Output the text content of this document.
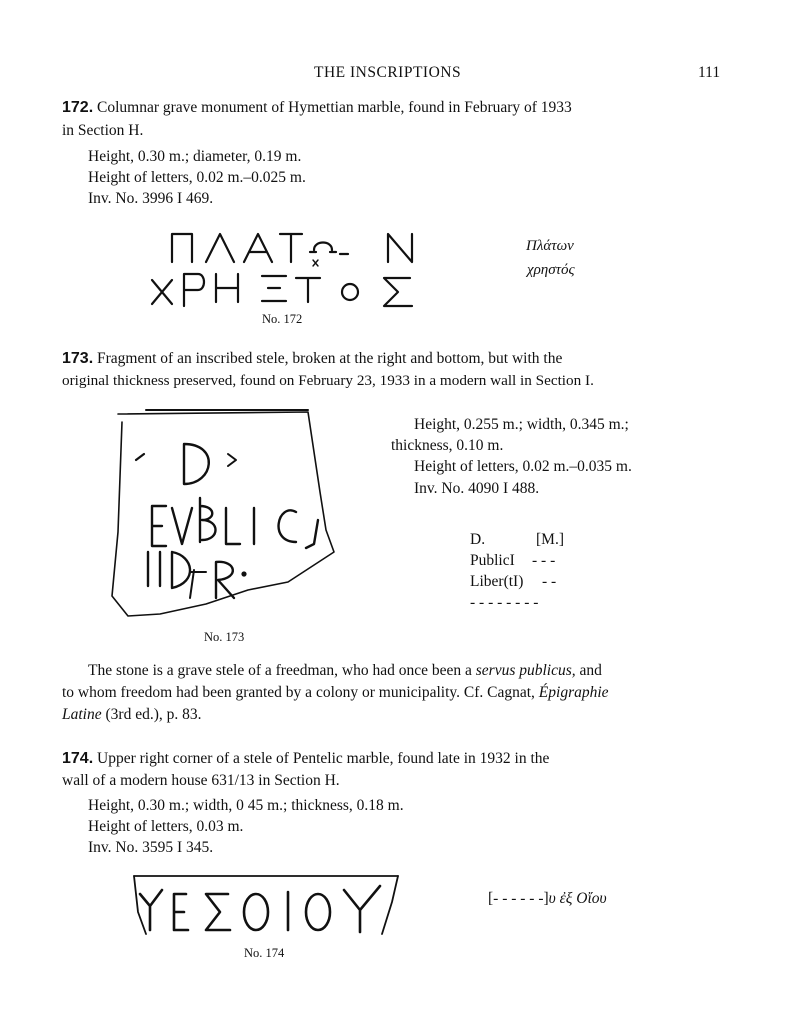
THE INSCRIPTIONS	111
172. Columnar grave monument of Hymettian marble, found in February of 1933
in Section H.
Height, 0.30 m.; diameter, 0.19 m.
Height of letters, 0.02 m.–0.025 m.
Inv. No. 3996 I 469.
Πλάτων
χρηστός
No. 172
173. Fragment of an inscribed stele, broken at the right and bottom, but with the
original thickness preserved, found on February 23, 1933 in a modern wall in Section I.
No. 173
Height, 0.255 m.; width, 0.345 m.;
thickness, 0.10 m.
Height of letters, 0.02 m.–0.035 m.
Inv. No. 4090 I 488.
D.	[M.]
PublicI - - -
Liber(tI) - -
- - - - - - - -
The stone is a grave stele of a freedman, who had once been a servus publicus, and
to whom freedom had been granted by a colony or municipality. Cf. Cagnat, Épigraphie
Latine (3rd ed.), p. 83.
174. Upper right corner of a stele of Pentelic marble, found late in 1932 in the
wall of a modern house 631/13 in Section H.
Height, 0.30 m.; width, 0 45 m.; thickness, 0.18 m.
Height of letters, 0.03 m.
Inv. No. 3595 I 345.
[- - - - - -]υ ἐξ Οἴου
No. 174
